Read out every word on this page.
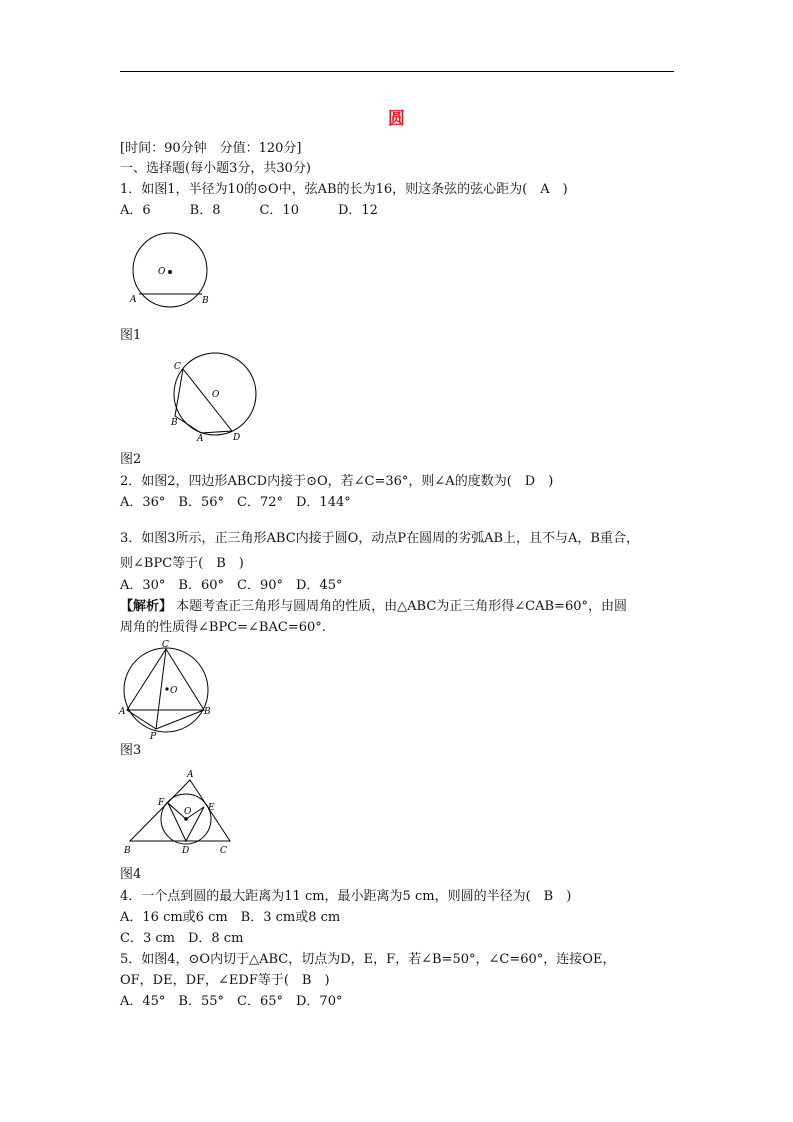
圆
[时间：90分钟　分值：120分]
一、选择题(每小题3分，共30分)
1．如图1，半径为10的⊙O中，弦AB的长为16，则这条弦的弦心距为(　A　)
A．6　　　B．8　　　C．10　　　D．12
O
A	B
图1
C
O
B
A	D
图2
2．如图2，四边形ABCD内接于⊙O，若∠C=36°，则∠A的度数为(　D　)
A．36°　B．56°　C．72°　D．144°
3．如图3所示，正三角形ABC内接于圆O，动点P在圆周的劣弧AB上，且不与A，B重合，
则∠BPC等于(　B　)
A．30°　B．60°　C．90°　D．45°
【解析】 本题考查正三角形与圆周角的性质，由△ABC为正三角形得∠CAB=60°，由圆
周角的性质得∠BPC=∠BAC=60°.
C
O
A	B
P
图3
A
F
O E
B	D	C
图4
4．一个点到圆的最大距离为11 cm，最小距离为5 cm，则圆的半径为(　B　)
A．16 cm或6 cm　B．3 cm或8 cm
C．3 cm　D．8 cm
5．如图4，⊙O内切于△ABC，切点为D，E，F，若∠B=50°，∠C=60°，连接OE，
OF，DE，DF，∠EDF等于(　B　)
A．45°　B．55°　C．65°　D．70°
